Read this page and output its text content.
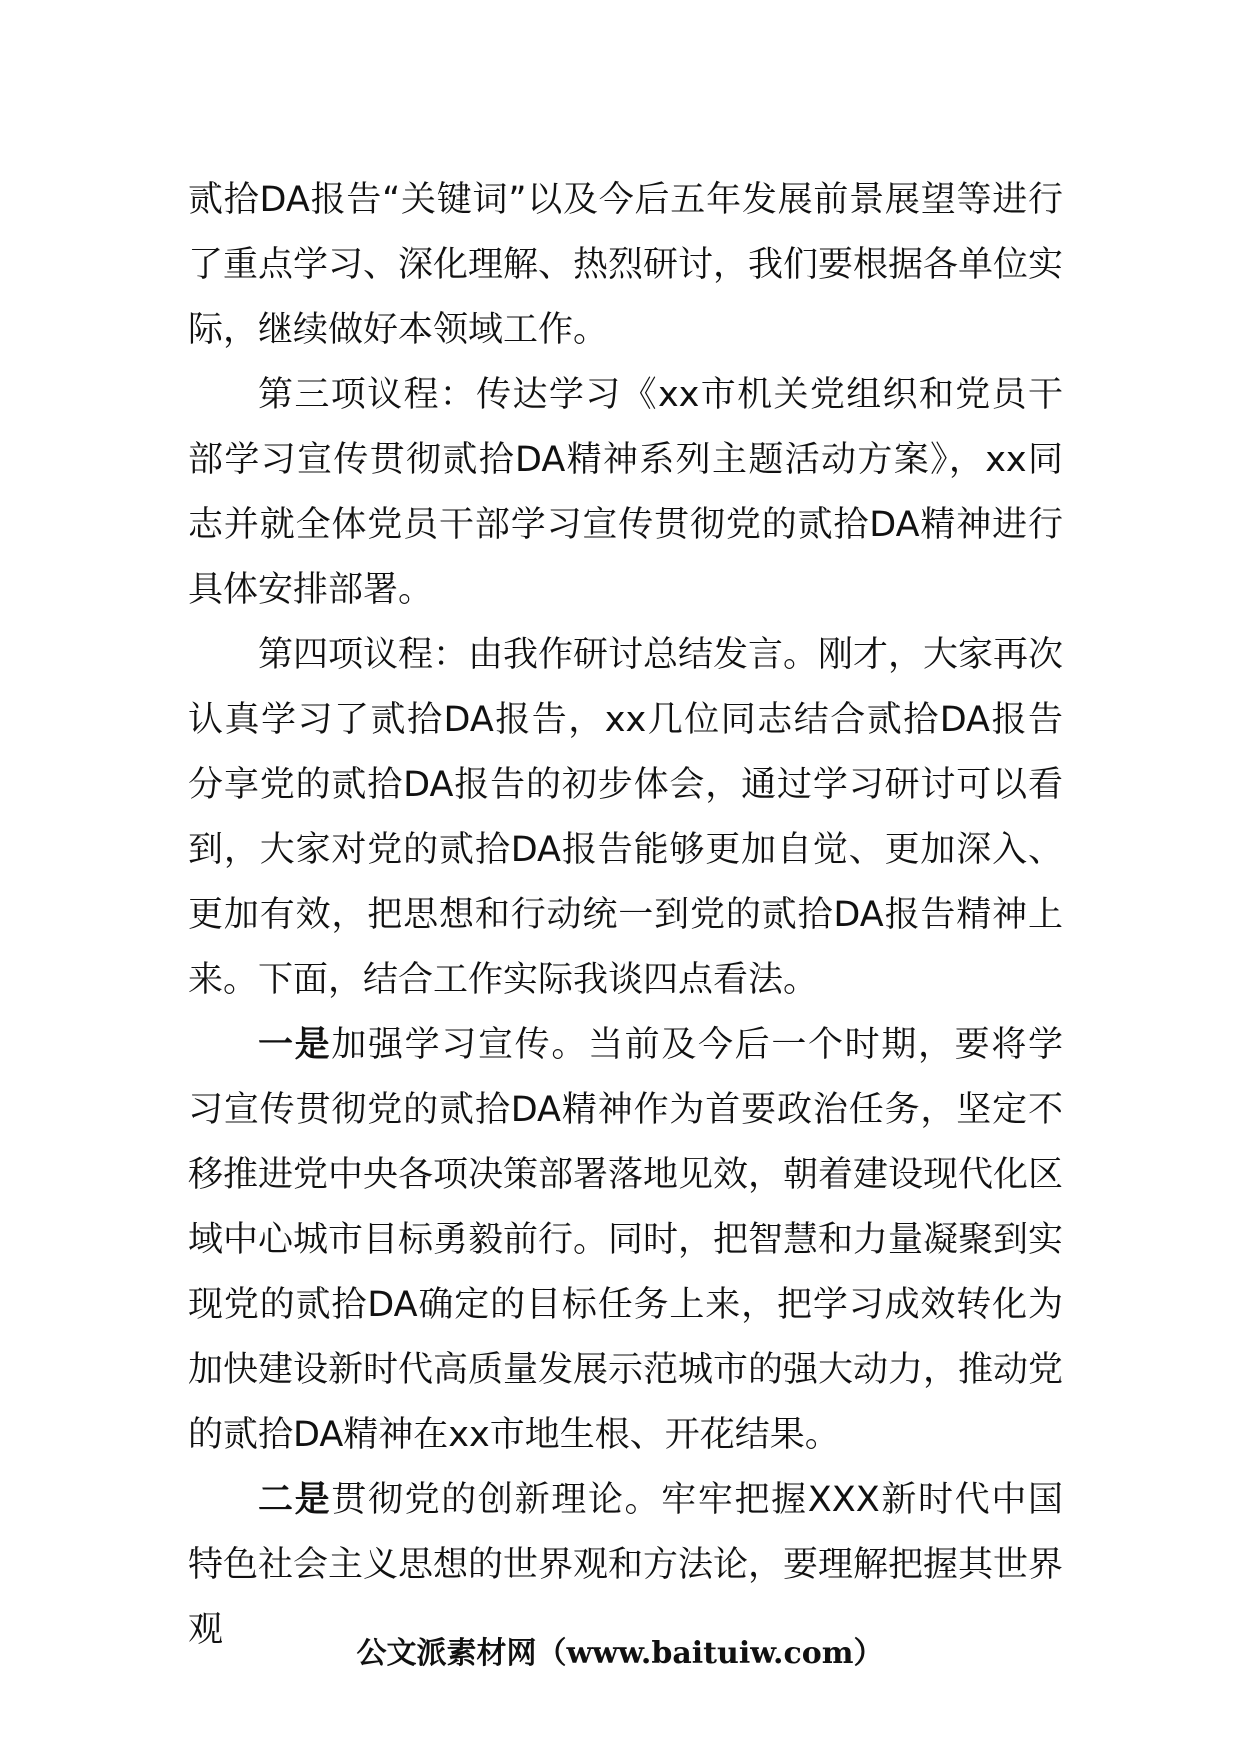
贰拾DA报告“关键词”以及今后五年发展前景展望等进行了重点学习、深化理解、热烈研讨，我们要根据各单位实际，继续做好本领域工作。

第三项议程：传达学习《xx市机关党组织和党员干部学习宣传贯彻贰拾DA精神系列主题活动方案》，xx同志并就全体党员干部学习宣传贯彻党的贰拾DA精神进行具体安排部署。

第四项议程：由我作研讨总结发言。刚才，大家再次认真学习了贰拾DA报告，xx几位同志结合贰拾DA报告分享党的贰拾DA报告的初步体会，通过学习研讨可以看到，大家对党的贰拾DA报告能够更加自觉、更加深入、更加有效，把思想和行动统一到党的贰拾DA报告精神上来。下面，结合工作实际我谈四点看法。

一是加强学习宣传。当前及今后一个时期，要将学习宣传贯彻党的贰拾DA精神作为首要政治任务，坚定不移推进党中央各项决策部署落地见效，朝着建设现代化区域中心城市目标勇毅前行。同时，把智慧和力量凝聚到实现党的贰拾DA确定的目标任务上来，把学习成效转化为加快建设新时代高质量发展示范城市的强大动力，推动党的贰拾DA精神在xx市地生根、开花结果。

二是贯彻党的创新理论。牢牢把握XXX新时代中国特色社会主义思想的世界观和方法论，要理解把握其世界观

公文派素材网（www.baituiw.com）
